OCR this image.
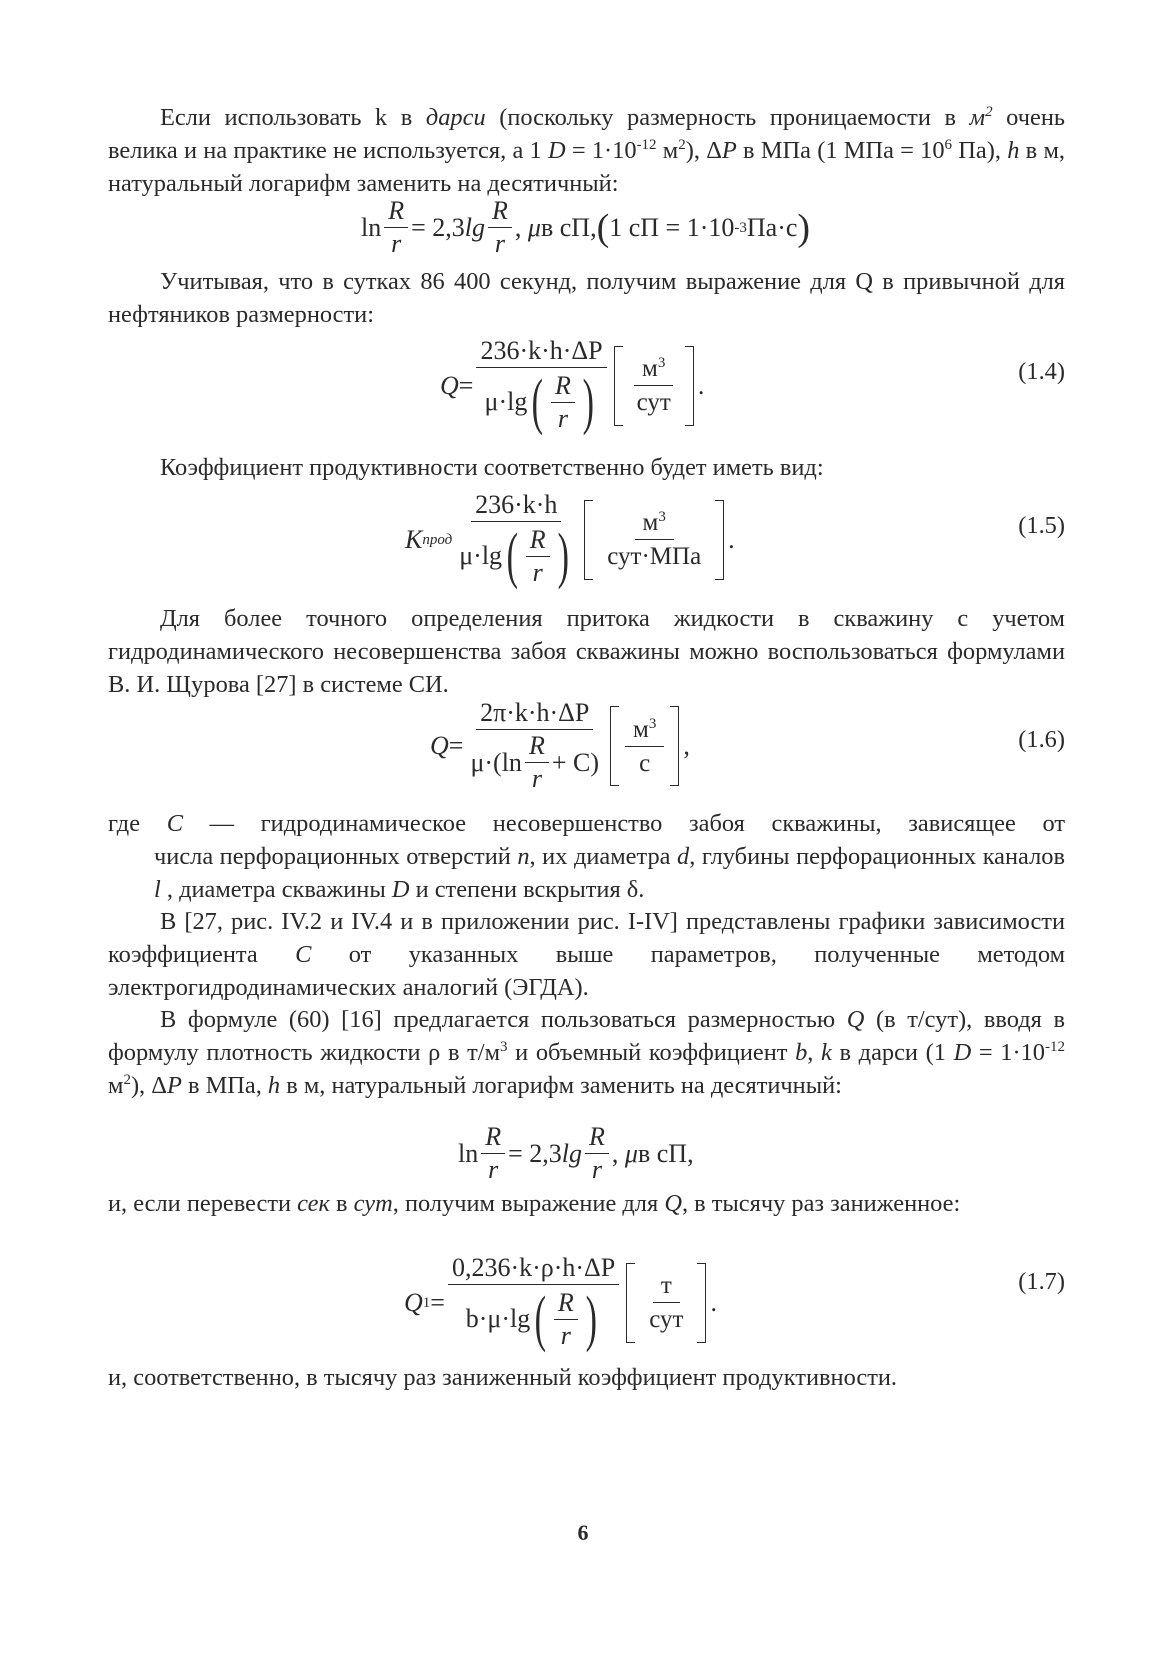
Если использовать k в дарси (поскольку размерность проницаемости в $м^2$ очень велика и на практике не используется, а 1 $D = 1\cdot 10^{-12}$ $м^2$), ΔP в МПа (1 МПа = $10^6$ Па), h в м, натуральный логарифм заменить на десятичный:

$\ln \frac{R}{r} = 2,3$ $\lg \frac{R}{r}$ , μ в сП, ( 1 сП = 1·10 -3 Па·с )

Учитывая, что в сутках 86 400 секунд, получим выражение для Q в привычной для нефтяников размерности:

$Q = \frac{236\cdot k\cdot h\cdot\Delta P}{\mu\cdot\lg ( \frac{R}{r} )} \frac{м^3}{\text{сут}}$ .	(1.4)

Коэффициент продуктивности соответственно будет иметь вид:

K прод $\frac{236\cdot k\cdot h}{\mu\cdot\lg ( \frac{R}{r} )} \frac{м^3}{\text{сут·МПа}}$ .	(1.5)

Для более точного определения притока жидкости в скважину с учетом гидродинамического несовершенства забоя скважины можно воспользоваться формулами В. И. Щурова [27] в системе СИ.

$Q = \frac{2\pi\cdot k\cdot h\cdot\Delta P}{\mu\cdot(\ln \frac{R}{r} + C)} \frac{м^3}{с}$ ,	(1.6)

где C — гидродинамическое несовершенство забоя скважины, зависящее от

числа перфорационных отверстий n, их диаметра d, глубины перфорационных каналов l , диаметра скважины D и степени вскрытия δ.

В [27, рис. IV.2 и IV.4 и в приложении рис. I-IV] представлены графики зависимости коэффициента C от указанных выше параметров, полученные методом электрогидродинамических аналогий (ЭГДА).

В формуле (60) [16] предлагается пользоваться размерностью Q (в т/сут), вводя в формулу плотность жидкости ρ в $т/м^3$ и объемный коэффициент b, k в дарси (1 $D = 1\cdot 10^{-12}$ $м^2$), ΔP в МПа, h в м, натуральный логарифм заменить на десятичный:

$\ln \frac{R}{r} = 2,3$ $\lg \frac{R}{r}$ , μ в сП,

и, если перевести сек в сут, получим выражение для Q, в тысячу раз заниженное:

Q $1 = \frac{0,236\cdot k\cdot\rho\cdot h\cdot\Delta P}{b\cdot\mu\cdot\lg ( \frac{R}{r} )} \frac{т}{\text{сут}}$ .
(1.7)

и, соответственно, в тысячу раз заниженный коэффициент продуктивности.

6
